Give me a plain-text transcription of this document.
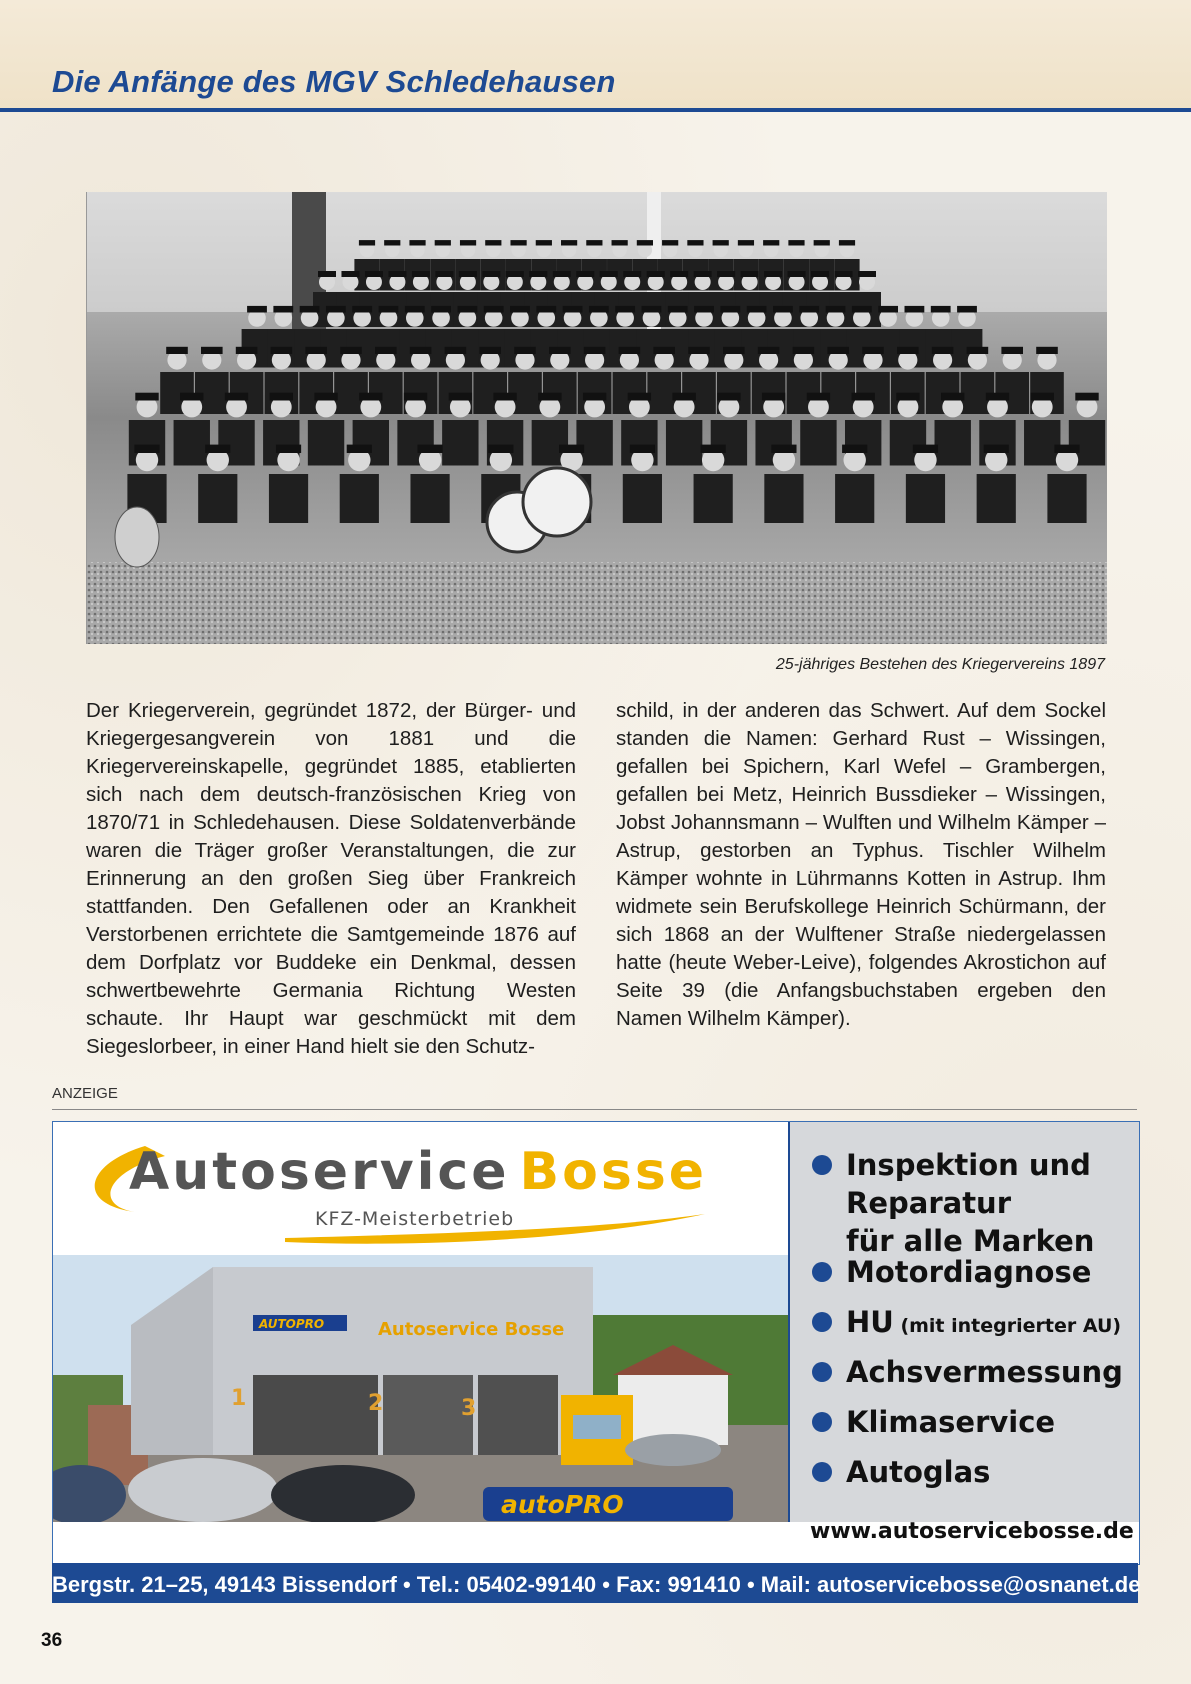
Die Anfänge des MGV Schledehausen
25-jähriges Bestehen des Kriegervereins 1897
Der Kriegerverein, gegründet 1872, der Bürger- und Kriegergesangverein von 1881 und die Kriegervereinskapelle, gegründet 1885, etablierten sich nach dem deutsch-französischen Krieg von 1870/71 in Schledehausen. Diese Soldatenverbände waren die Träger großer Veranstaltungen, die zur Erinnerung an den großen Sieg über Frankreich stattfanden. Den Gefallenen oder an Krankheit Verstorbenen errichtete die Samtgemeinde 1876 auf dem Dorfplatz vor Buddeke ein Denkmal, dessen schwertbewehrte Germania Richtung Westen schaute. Ihr Haupt war geschmückt mit dem Siegeslorbeer, in einer Hand hielt sie den Schutz-
schild, in der anderen das Schwert. Auf dem Sockel standen die Namen: Gerhard Rust – Wissingen, gefallen bei Spichern, Karl Wefel – Grambergen, gefallen bei Metz, Heinrich Bussdieker – Wissingen, Jobst Johannsmann – Wulften und Wilhelm Kämper – Astrup, gestorben an Typhus. Tischler Wilhelm Kämper wohnte in Lührmanns Kotten in Astrup. Ihm widmete sein Berufskollege Heinrich Schürmann, der sich 1868 an der Wulftener Straße niedergelassen hatte (heute Weber-Leive), folgendes Akrostichon auf Seite 39 (die Anfangsbuchstaben ergeben den Namen Wilhelm Kämper).
ANZEIGE
Autoservice Bosse
KFZ-Meisterbetrieb
AUTOPRO	Autoservice Bosse
1	2	3
autoPRO
Inspektion und
Reparatur
für alle Marken
Motordiagnose
HU (mit integrierter AU)
Achsvermessung
Klimaservice
Autoglas
www.autoservicebosse.de
Bergstr. 21–25, 49143 Bissendorf • Tel.: 05402-99140 • Fax: 991410 • Mail: autoservicebosse@osnanet.de
36
